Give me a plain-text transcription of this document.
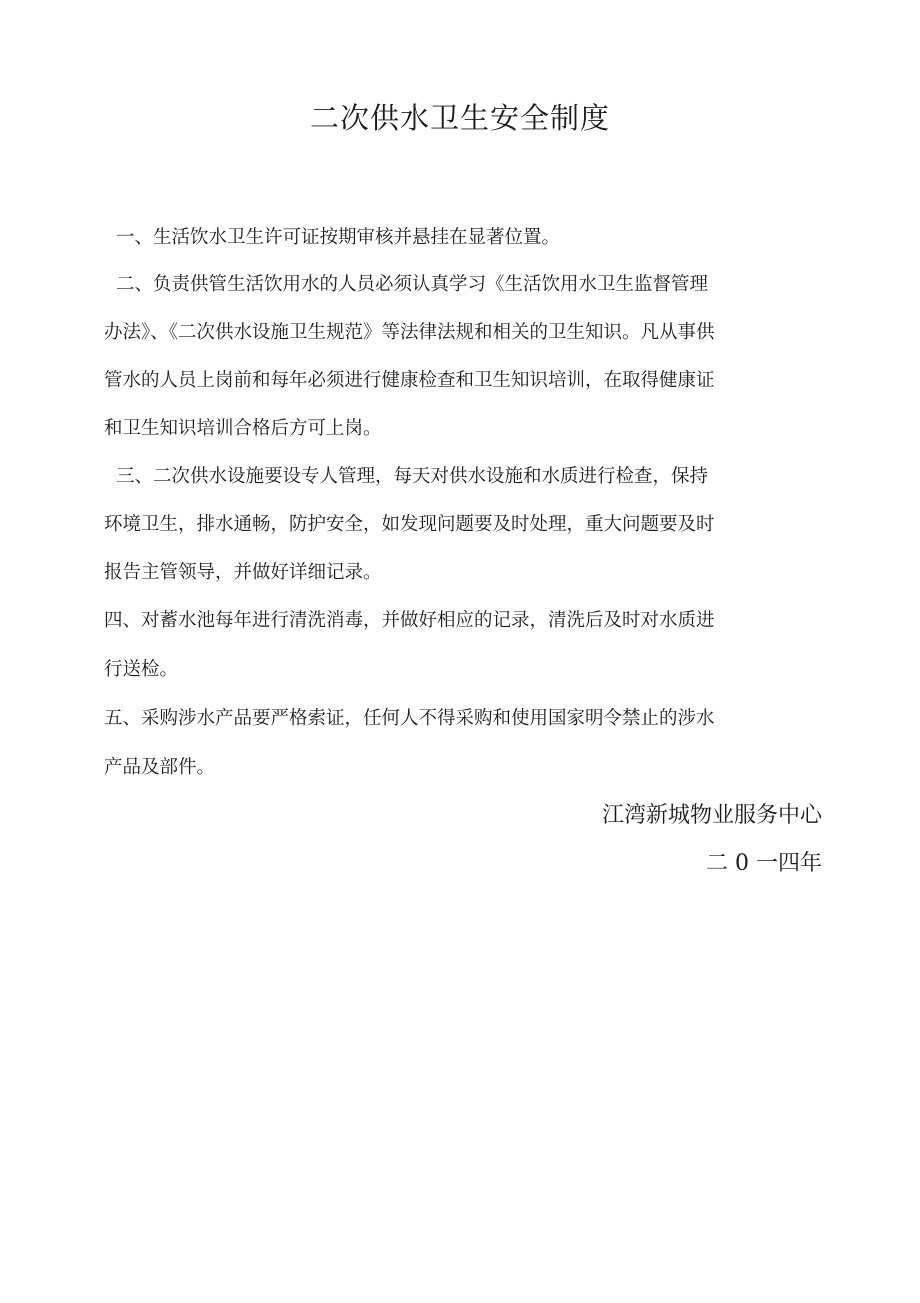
二次供水卫生安全制度
一、生活饮水卫生许可证按期审核并悬挂在显著位置。
二、负责供管生活饮用水的人员必须认真学习《生活饮用水卫生监督管理
办法》、《二次供水设施卫生规范》等法律法规和相关的卫生知识。凡从事供
管水的人员上岗前和每年必须进行健康检查和卫生知识培训，在取得健康证
和卫生知识培训合格后方可上岗。
三、二次供水设施要设专人管理，每天对供水设施和水质进行检查，保持
环境卫生，排水通畅，防护安全，如发现问题要及时处理，重大问题要及时
报告主管领导，并做好详细记录。
四、对蓄水池每年进行清洗消毒，并做好相应的记录，清洗后及时对水质进
行送检。
五、采购涉水产品要严格索证，任何人不得采购和使用国家明令禁止的涉水
产品及部件。
江湾新城物业服务中心
二 0 一四年
